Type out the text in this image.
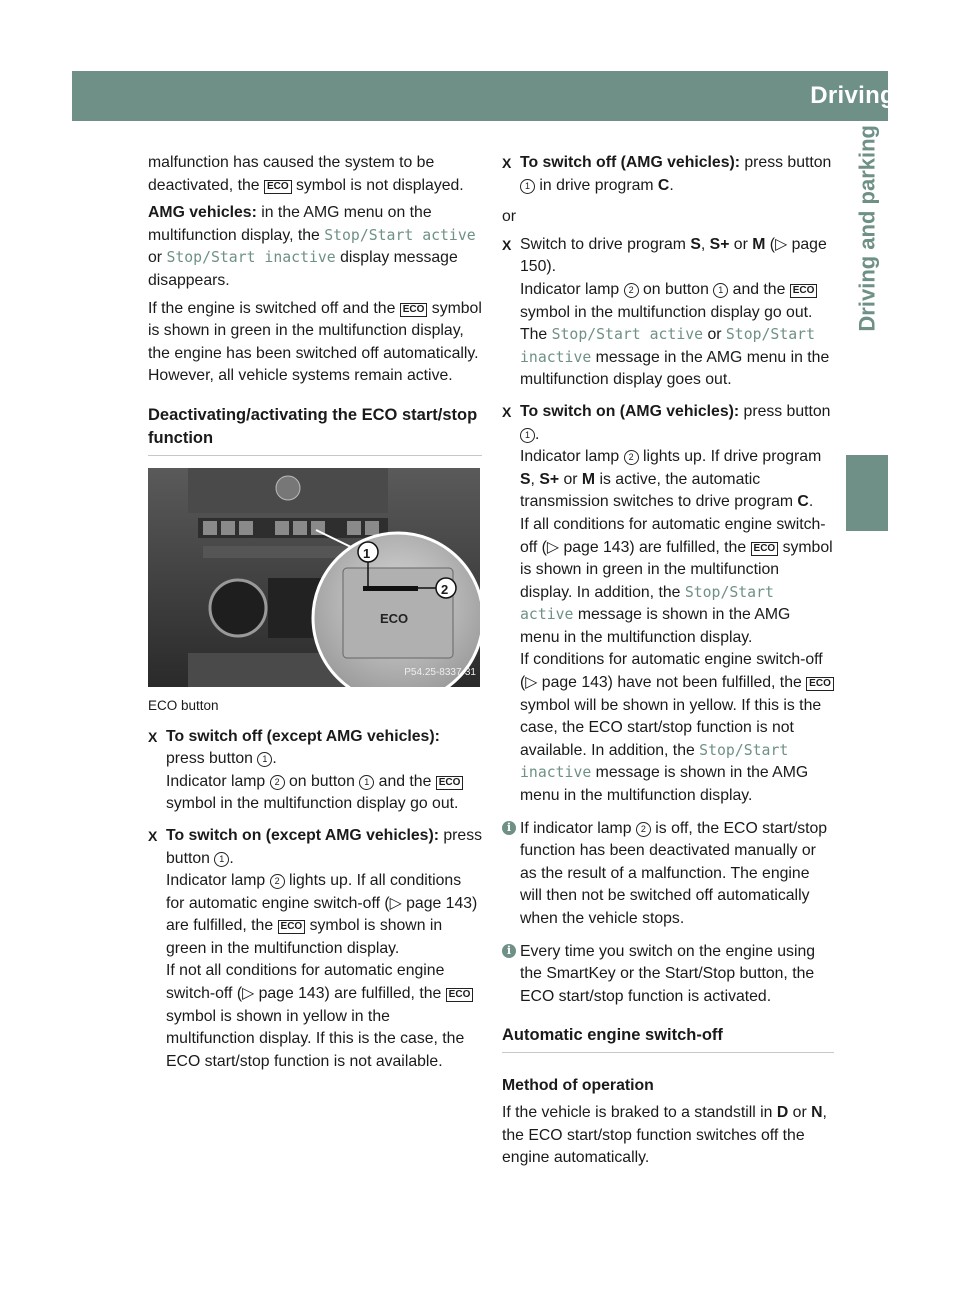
Driving 143
Driving and parking

malfunction has caused the system to be deactivated, the ECO symbol is not displayed.

AMG vehicles: in the AMG menu on the multifunction display, the Stop/Start active or Stop/Start inactive display message disappears.

If the engine is switched off and the ECO symbol is shown in green in the multifunction display, the engine has been switched off automatically. However, all vehicle systems remain active.

Deactivating/activating the ECO start/stop function
1
2
ECO
P54.25-8337-31
ECO button
X To switch off (except AMG vehicles): press button 1 .
Indicator lamp 2 on button 1 and the ECO symbol in the multifunction display go out.
X To switch on (except AMG vehicles): press button 1 .
Indicator lamp 2 lights up. If all conditions for automatic engine switch-off (▷ page 143) are fulfilled, the ECO symbol is shown in green in the multifunction display.
If not all conditions for automatic engine switch-off (▷ page 143) are fulfilled, the ECO symbol is shown in yellow in the multifunction display. If this is the case, the ECO start/stop function is not available.
X To switch off (AMG vehicles): press button 1 in drive program C.

or

X Switch to drive program S, S+ or M (▷ page 150).
Indicator lamp 2 on button 1 and the ECO symbol in the multifunction display go out.
The Stop/Start active or Stop/Start inactive message in the AMG menu in the multifunction display goes out.
X To switch on (AMG vehicles): press button 1 .
Indicator lamp 2 lights up. If drive program S, S+ or M is active, the automatic transmission switches to drive program C.
If all conditions for automatic engine switch-off (▷ page 143) are fulfilled, the ECO symbol is shown in green in the multifunction display. In addition, the Stop/Start active message is shown in the AMG menu in the multifunction display.
If conditions for automatic engine switch-off (▷ page 143) have not been fulfilled, the ECO symbol will be shown in yellow. If this is the case, the ECO start/stop function is not available. In addition, the Stop/Start inactive message is shown in the AMG menu in the multifunction display.
i If indicator lamp 2 is off, the ECO start/stop function has been deactivated manually or as the result of a malfunction. The engine will then not be switched off automatically when the vehicle stops.
i Every time you switch on the engine using the SmartKey or the Start/Stop button, the ECO start/stop function is activated.
Automatic engine switch-off
Method of operation

If the vehicle is braked to a standstill in D or N, the ECO start/stop function switches off the engine automatically.
